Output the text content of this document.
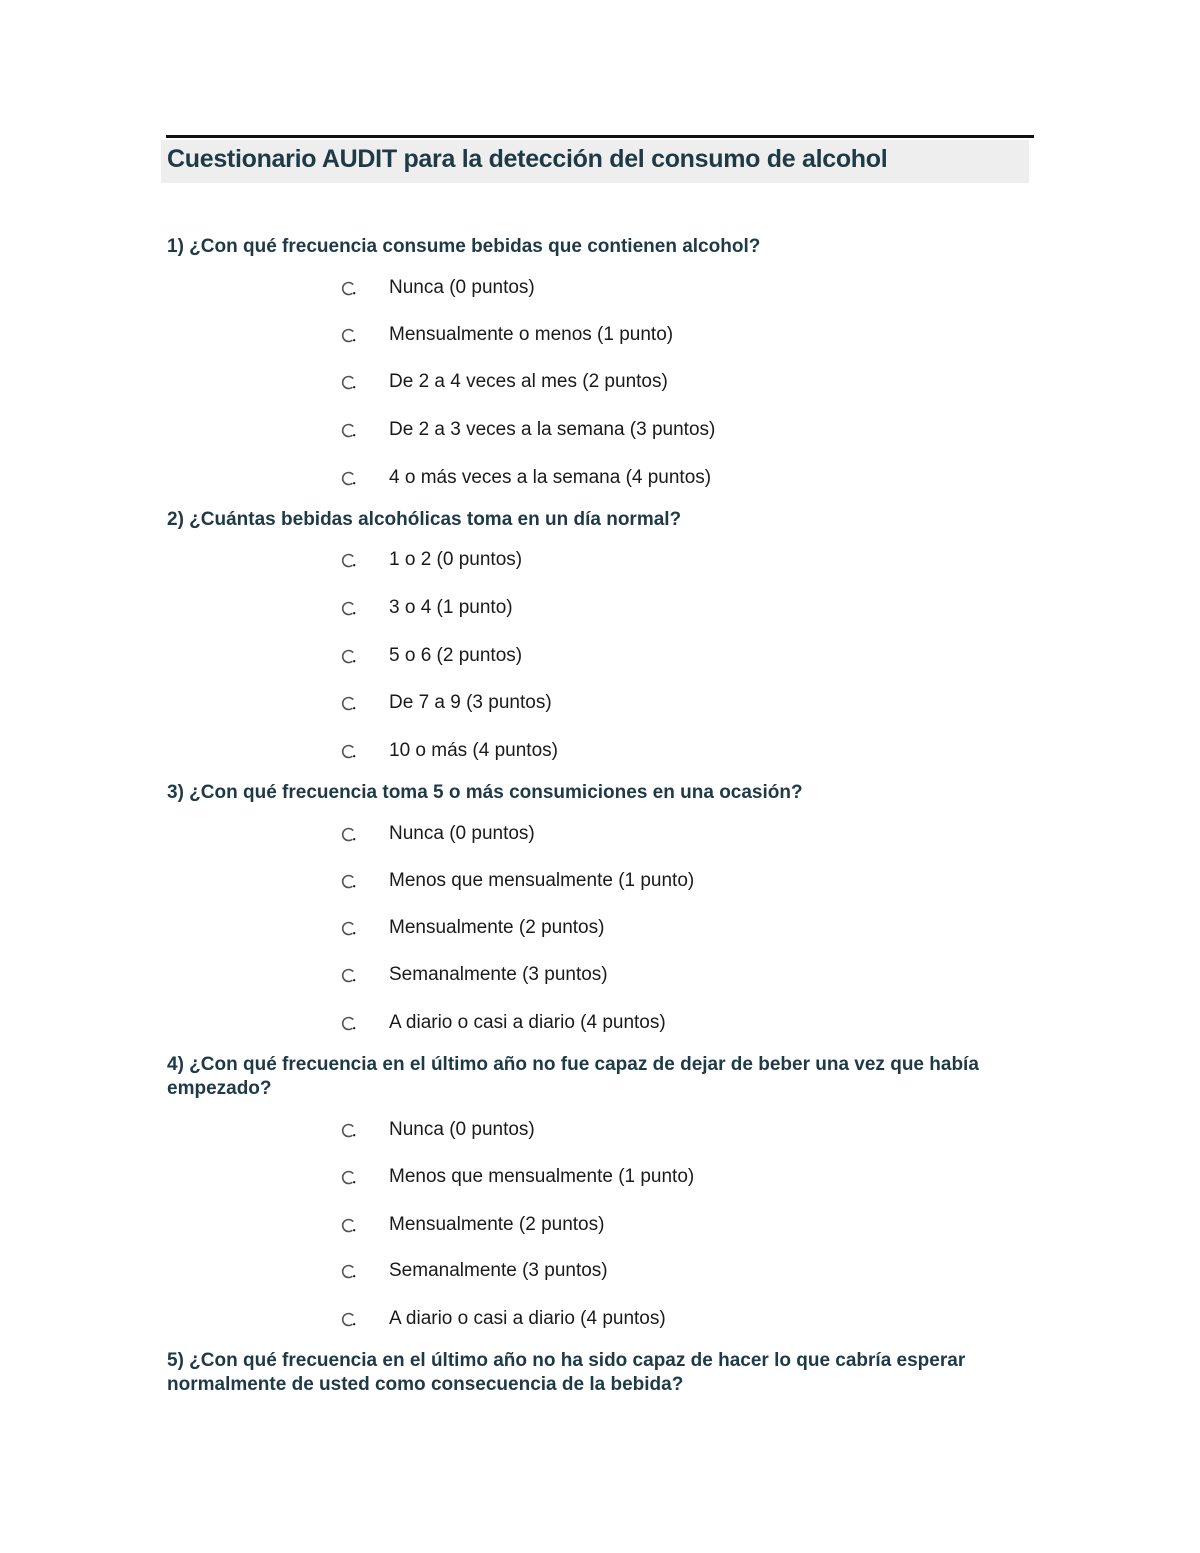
Cuestionario AUDIT para la detección del consumo de alcohol
1) ¿Con qué frecuencia consume bebidas que contienen alcohol?
Nunca (0 puntos)
Mensualmente o menos (1 punto)
De 2 a 4 veces al mes (2 puntos)
De 2 a 3 veces a la semana (3 puntos)
4 o más veces a la semana (4 puntos)
2) ¿Cuántas bebidas alcohólicas toma en un día normal?
1 o 2 (0 puntos)
3 o 4 (1 punto)
5 o 6 (2 puntos)
De 7 a 9 (3 puntos)
10 o más (4 puntos)
3) ¿Con qué frecuencia toma 5 o más consumiciones en una ocasión?
Nunca (0 puntos)
Menos que mensualmente (1 punto)
Mensualmente (2 puntos)
Semanalmente (3 puntos)
A diario o casi a diario (4 puntos)
4) ¿Con qué frecuencia en el último año no fue capaz de dejar de beber una vez que había empezado?
Nunca (0 puntos)
Menos que mensualmente (1 punto)
Mensualmente (2 puntos)
Semanalmente (3 puntos)
A diario o casi a diario (4 puntos)
5) ¿Con qué frecuencia en el último año no ha sido capaz de hacer lo que cabría esperar normalmente de usted como consecuencia de la bebida?
